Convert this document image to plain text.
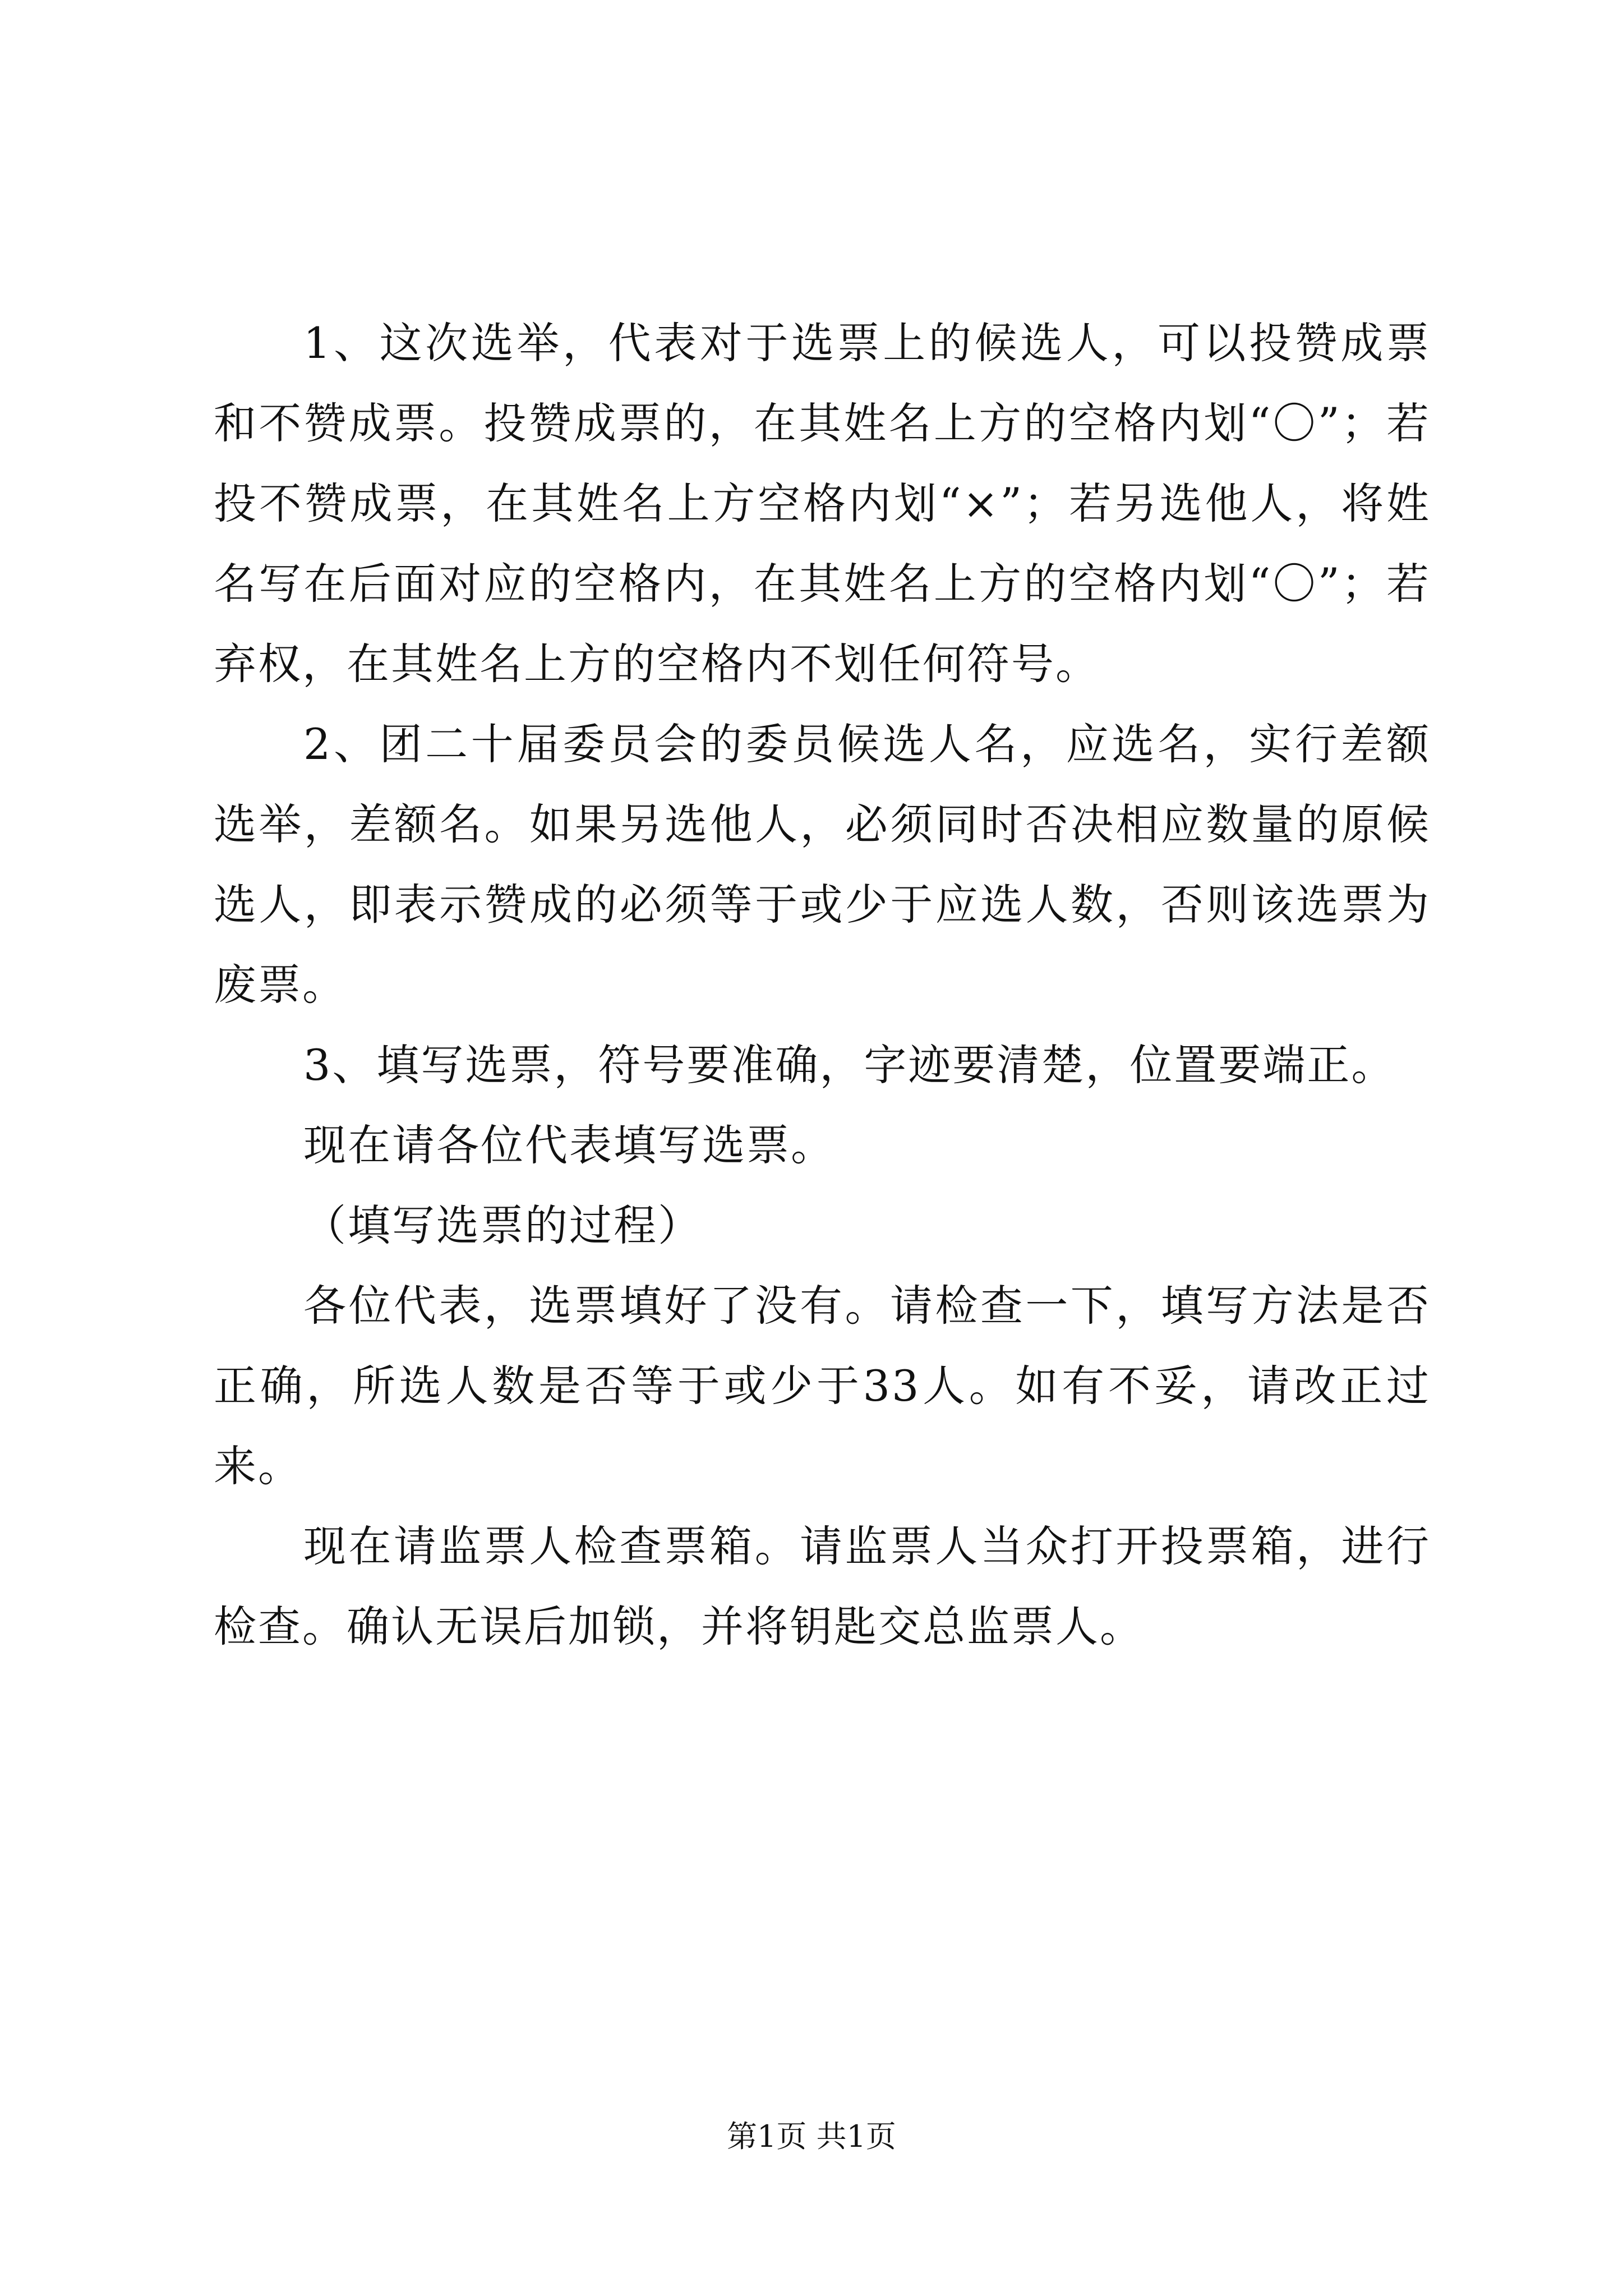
1、这次选举，代表对于选票上的候选人，可以投赞成票和不赞成票。投赞成票的，在其姓名上方的空格内划“〇”；若投不赞成票，在其姓名上方空格内划“×”；若另选他人，将姓名写在后面对应的空格内，在其姓名上方的空格内划“〇”；若弃权，在其姓名上方的空格内不划任何符号。

2、团二十届委员会的委员候选人名，应选名，实行差额选举，差额名。如果另选他人，必须同时否决相应数量的原候选人，即表示赞成的必须等于或少于应选人数，否则该选票为废票。

3、填写选票，符号要准确，字迹要清楚，位置要端正。

现在请各位代表填写选票。

（填写选票的过程）

各位代表，选票填好了没有。请检查一下，填写方法是否正确，所选人数是否等于或少于33人。如有不妥，请改正过来。

现在请监票人检查票箱。请监票人当众打开投票箱，进行检查。确认无误后加锁，并将钥匙交总监票人。

第1页 共1页
